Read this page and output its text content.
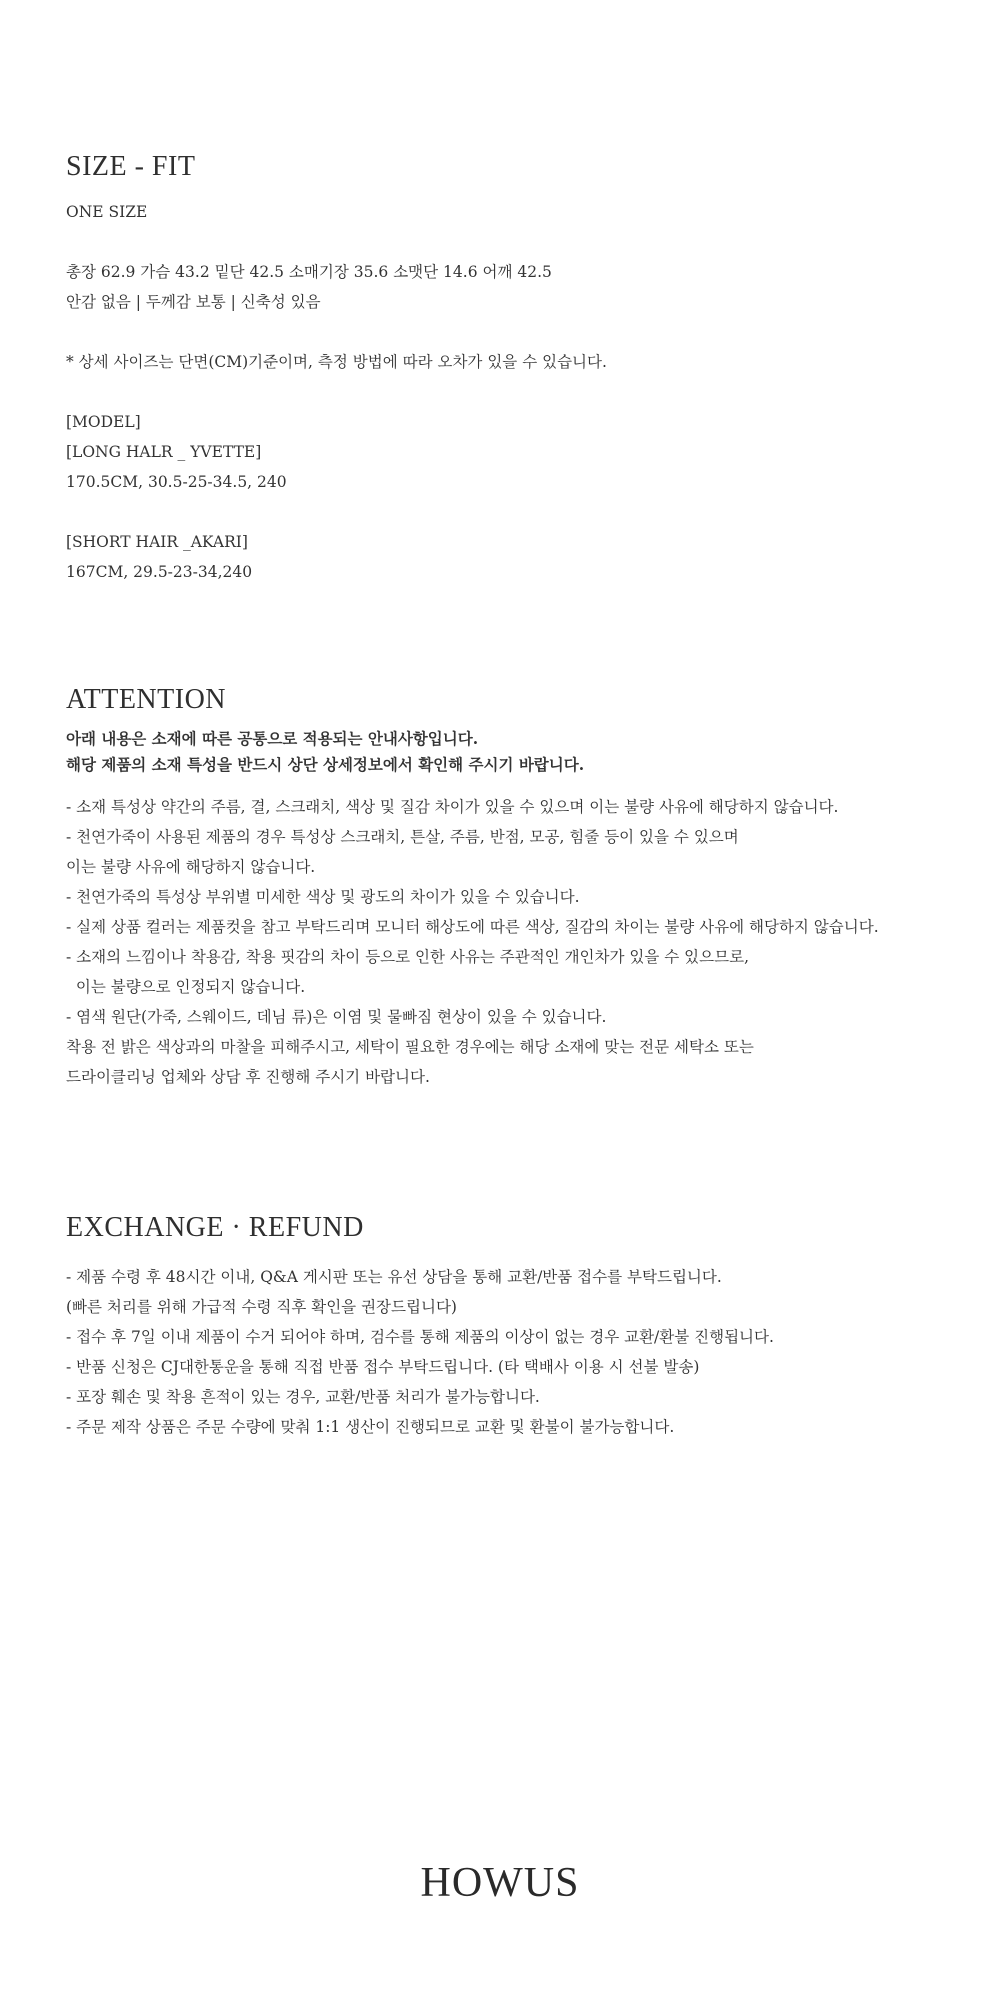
SIZE - FIT
ONE SIZE
총장 62.9 가슴 43.2 밑단 42.5 소매기장 35.6 소맷단 14.6 어깨 42.5
안감 없음 | 두께감 보통 | 신축성 있음
* 상세 사이즈는 단면(CM)기준이며, 측정 방법에 따라 오차가 있을 수 있습니다.
[MODEL]
[LONG HALR _ YVETTE]
170.5CM, 30.5-25-34.5, 240
[SHORT HAIR _AKARI]
167CM, 29.5-23-34,240
ATTENTION
아래 내용은 소재에 따른 공통으로 적용되는 안내사항입니다.
해당 제품의 소재 특성을 반드시 상단 상세정보에서 확인해 주시기 바랍니다.
- 소재 특성상 약간의 주름, 결, 스크래치, 색상 및 질감 차이가 있을 수 있으며 이는 불량 사유에 해당하지 않습니다.
- 천연가죽이 사용된 제품의 경우 특성상 스크래치, 튼살, 주름, 반점, 모공, 힘줄 등이 있을 수 있으며
이는 불량 사유에 해당하지 않습니다.
- 천연가죽의 특성상 부위별 미세한 색상 및 광도의 차이가 있을 수 있습니다.
- 실제 상품 컬러는 제품컷을 참고 부탁드리며 모니터 해상도에 따른 색상, 질감의 차이는 불량 사유에 해당하지 않습니다.
- 소재의 느낌이나 착용감, 착용 핏감의 차이 등으로 인한 사유는 주관적인 개인차가 있을 수 있으므로,
이는 불량으로 인정되지 않습니다.
- 염색 원단(가죽, 스웨이드, 데님 류)은 이염 및 물빠짐 현상이 있을 수 있습니다.
착용 전 밝은 색상과의 마찰을 피해주시고, 세탁이 필요한 경우에는 해당 소재에 맞는 전문 세탁소 또는
드라이클리닝 업체와 상담 후 진행해 주시기 바랍니다.
EXCHANGE · REFUND
- 제품 수령 후 48시간 이내, Q&A 게시판 또는 유선 상담을 통해 교환/반품 접수를 부탁드립니다.
(빠른 처리를 위해 가급적 수령 직후 확인을 권장드립니다)
- 접수 후 7일 이내 제품이 수거 되어야 하며, 검수를 통해 제품의 이상이 없는 경우 교환/환불 진행됩니다.
- 반품 신청은 CJ대한통운을 통해 직접 반품 접수 부탁드립니다. (타 택배사 이용 시 선불 발송)
- 포장 훼손 및 착용 흔적이 있는 경우, 교환/반품 처리가 불가능합니다.
- 주문 제작 상품은 주문 수량에 맞춰 1:1 생산이 진행되므로 교환 및 환불이 불가능합니다.
HOWUS
